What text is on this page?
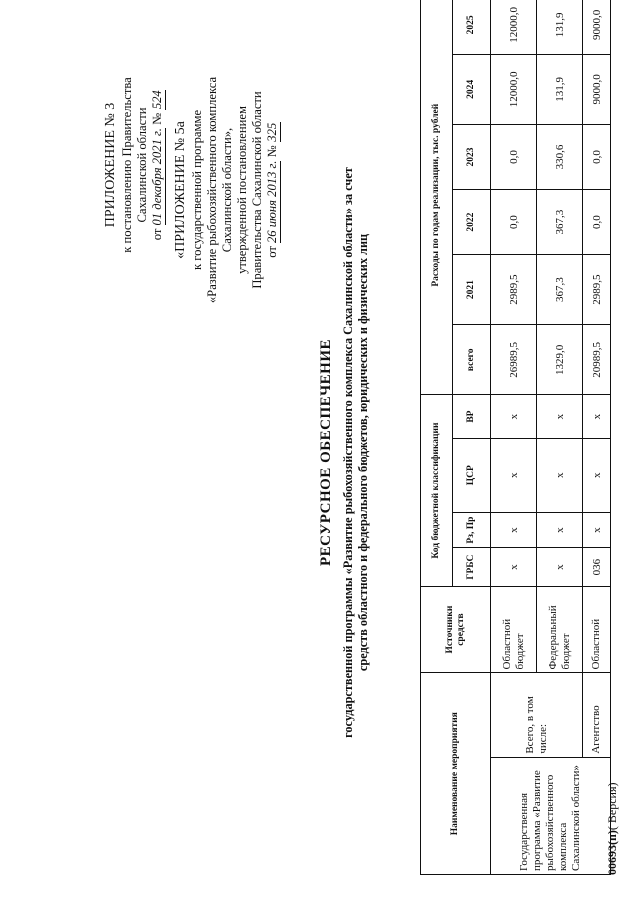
ПРИЛОЖЕНИЕ № 3 к постановлению Правительства Сахалинской области
от 01 декабря 2021 г. № 524
«ПРИЛОЖЕНИЕ № 5а к государственной программе «Развитие рыбохозяйственного комплекса Сахалинской области», утвержденной постановлением Правительства Сахалинской области от 26 июня 2013 г. № 325
РЕСУРСНОЕ ОБЕСПЕЧЕНИЕ государственной программы «Развитие рыбохозяйственного комплекса Сахалинской области» за счет средств областного и федерального бюджетов, юридических и физических лиц
Наименование мероприятия		Источники средств	Код бюджетной классификации				Расходы по годам реализации, тыс. рублей					
			ГРБС	Рз, Пр	ЦСР	ВР	всего	2021	2022	2023	2024	2025
Государственная программа «Развитие рыбохозяйственного комплекса Сахалинской области»	Всего, в том числе:	Областной бюджет	x	x	x	x	26989,5	2989,5	0,0	0,0	12000,0	12000,0
		Федеральный бюджет	x	x	x	x	1329,0	367,3	367,3	330,6	131,9	131,9
	Агентство	Областной	036	x	x	x	20989,5	2989,5	0,0	0,0	9000,0	9000,0
00693(п)( Версия)
